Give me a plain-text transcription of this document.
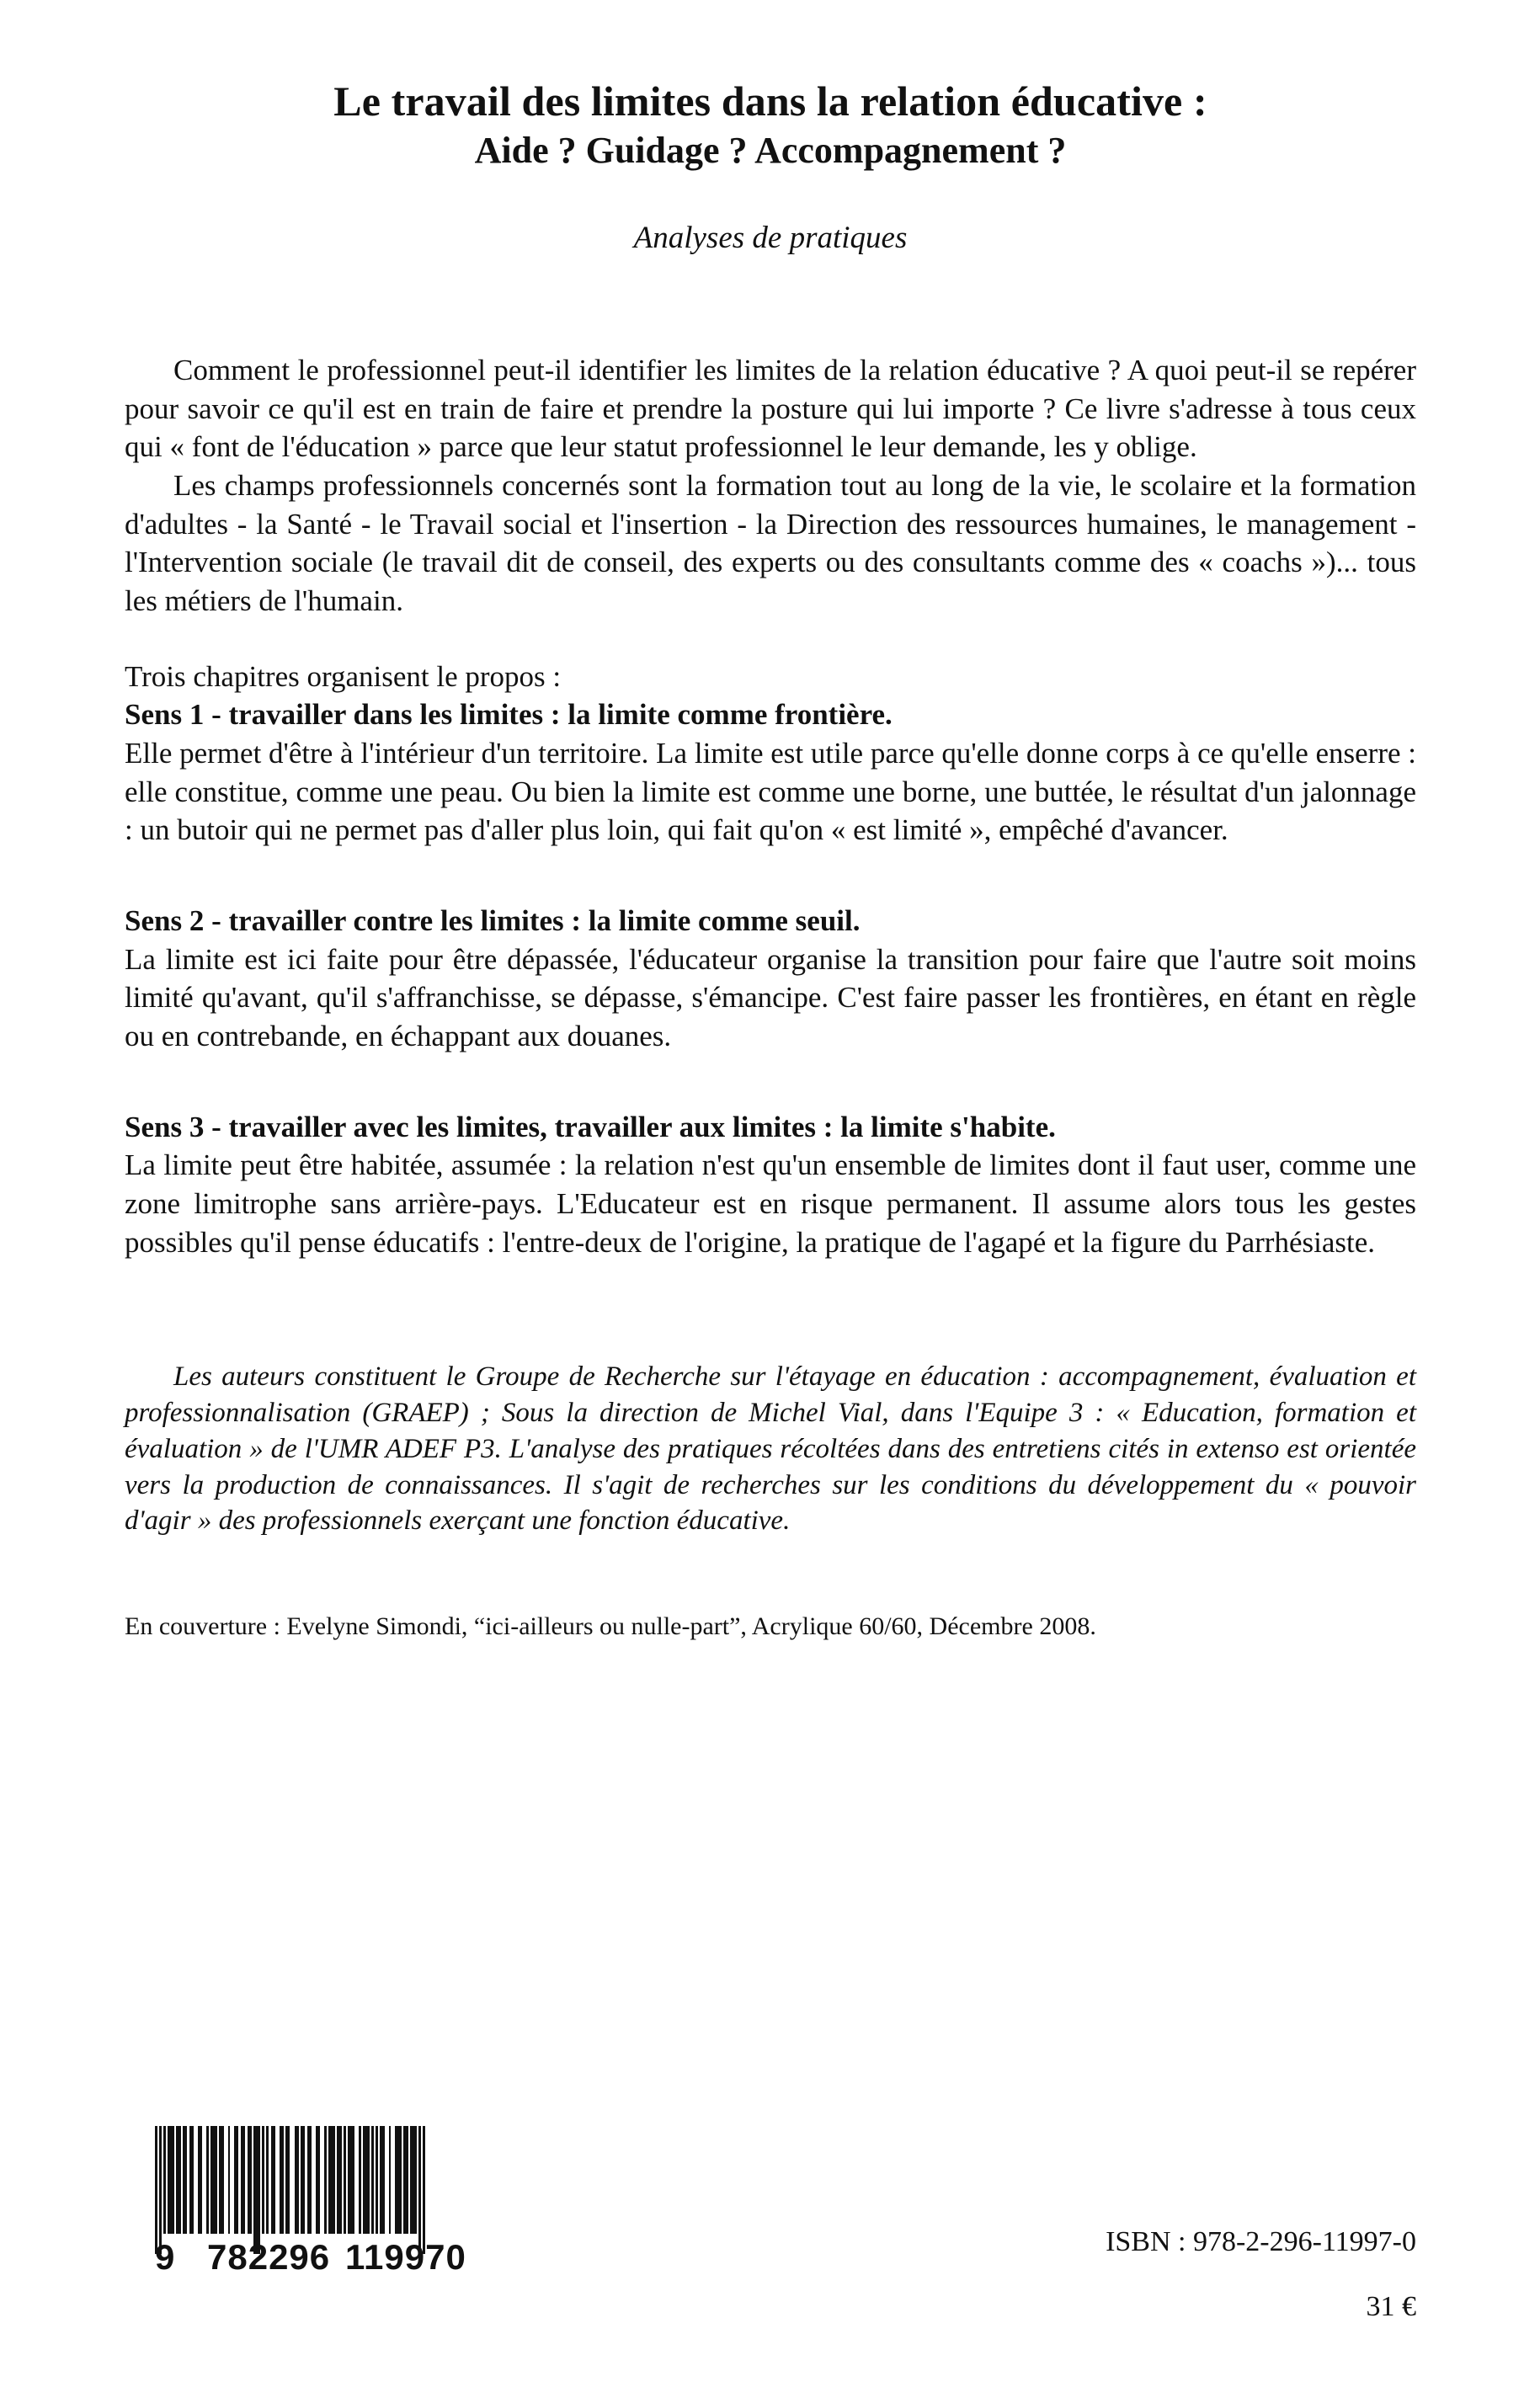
Le travail des limites dans la relation éducative :
Aide ? Guidage ? Accompagnement ?
Analyses de pratiques

Comment le professionnel peut-il identifier les limites de la relation éducative ? A quoi peut-il se repérer pour savoir ce qu'il est en train de faire et prendre la posture qui lui importe ? Ce livre s'adresse à tous ceux qui « font de l'éducation » parce que leur statut professionnel le leur demande, les y oblige.

Les champs professionnels concernés sont la formation tout au long de la vie, le scolaire et la formation d'adultes - la Santé - le Travail social et l'insertion - la Direction des ressources humaines, le management - l'Intervention sociale (le travail dit de conseil, des experts ou des consultants comme des « coachs »)... tous les métiers de l'humain.

Trois chapitres organisent le propos :

Sens 1 - travailler dans les limites : la limite comme frontière.

Elle permet d'être à l'intérieur d'un territoire. La limite est utile parce qu'elle donne corps à ce qu'elle enserre : elle constitue, comme une peau. Ou bien la limite est comme une borne, une buttée, le résultat d'un jalonnage : un butoir qui ne permet pas d'aller plus loin, qui fait qu'on « est limité », empêché d'avancer.

Sens 2 - travailler contre les limites : la limite comme seuil.

La limite est ici faite pour être dépassée, l'éducateur organise la transition pour faire que l'autre soit moins limité qu'avant, qu'il s'affranchisse, se dépasse, s'émancipe. C'est faire passer les frontières, en étant en règle ou en contrebande, en échappant aux douanes.

Sens 3 - travailler avec les limites, travailler aux limites : la limite s'habite.

La limite peut être habitée, assumée : la relation n'est qu'un ensemble de limites dont il faut user, comme une zone limitrophe sans arrière-pays. L'Educateur est en risque permanent. Il assume alors tous les gestes possibles qu'il pense éducatifs : l'entre-deux de l'origine, la pratique de l'agapé et la figure du Parrhésiaste.

Les auteurs constituent le Groupe de Recherche sur l'étayage en éducation : accompagnement, évaluation et professionnalisation (GRAEP) ; Sous la direction de Michel Vial, dans l'Equipe 3 : « Education, formation et évaluation » de l'UMR ADEF P3. L'analyse des pratiques récoltées dans des entretiens cités in extenso est orientée vers la production de connaissances. Il s'agit de recherches sur les conditions du développement du « pouvoir d'agir » des professionnels exerçant une fonction éducative.

En couverture : Evelyne Simondi, “ici-ailleurs ou nulle-part”, Acrylique 60/60, Décembre 2008.
9 782296 119970	ISBN : 978-2-296-11997-0
31 €
